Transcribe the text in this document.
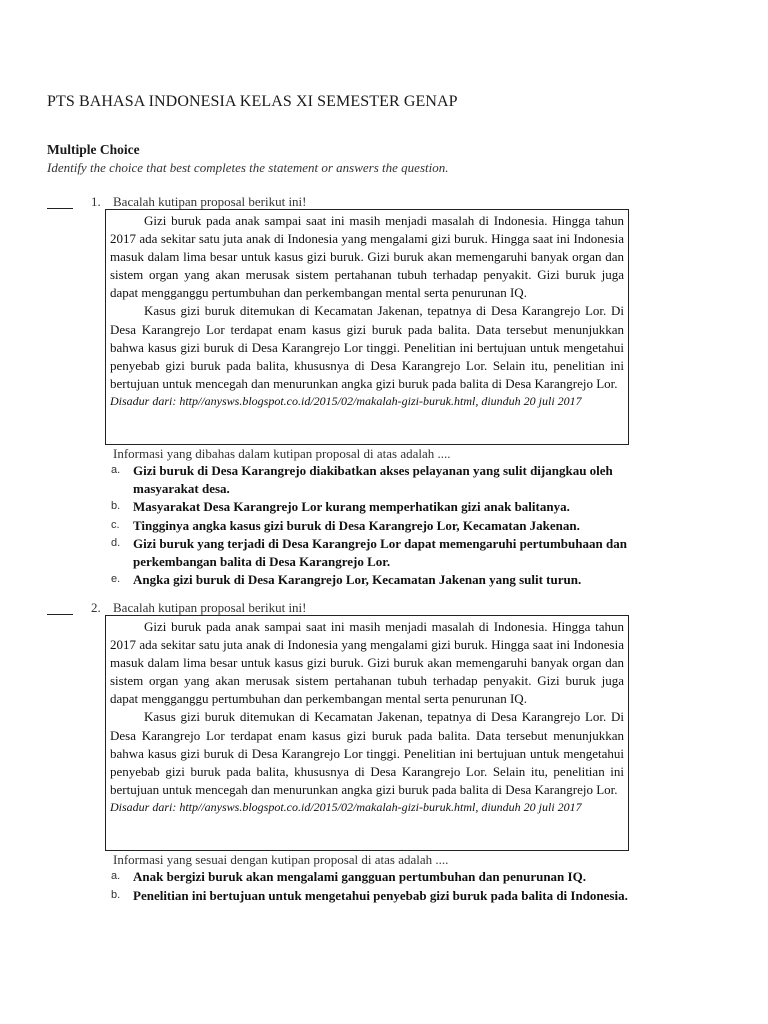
PTS BAHASA INDONESIA KELAS XI SEMESTER GENAP
Multiple Choice
Identify the choice that best completes the statement or answers the question.
1. Bacalah kutipan proposal berikut ini!

Gizi buruk pada anak sampai saat ini masih menjadi masalah di Indonesia. Hingga tahun 2017 ada sekitar satu juta anak di Indonesia yang mengalami gizi buruk. Hingga saat ini Indonesia masuk dalam lima besar untuk kasus gizi buruk. Gizi buruk akan memengaruhi banyak organ dan sistem organ yang akan merusak sistem pertahanan tubuh terhadap penyakit. Gizi buruk juga dapat mengganggu pertumbuhan dan perkembangan mental serta penurunan IQ.

Kasus gizi buruk ditemukan di Kecamatan Jakenan, tepatnya di Desa Karangrejo Lor. Di Desa Karangrejo Lor terdapat enam kasus gizi buruk pada balita. Data tersebut menunjukkan bahwa kasus gizi buruk di Desa Karangrejo Lor tinggi. Penelitian ini bertujuan untuk mengetahui penyebab gizi buruk pada balita, khususnya di Desa Karangrejo Lor. Selain itu, penelitian ini bertujuan untuk mencegah dan menurunkan angka gizi buruk pada balita di Desa Karangrejo Lor.

Disadur dari: http//anysws.blogspot.co.id/2015/02/makalah-gizi-buruk.html, diunduh 20 juli 2017

Informasi yang dibahas dalam kutipan proposal di atas adalah ....
a. Gizi buruk di Desa Karangrejo diakibatkan akses pelayanan yang sulit dijangkau oleh masyarakat desa.
b. Masyarakat Desa Karangrejo Lor kurang memperhatikan gizi anak balitanya.
c. Tingginya angka kasus gizi buruk di Desa Karangrejo Lor, Kecamatan Jakenan.
d. Gizi buruk yang terjadi di Desa Karangrejo Lor dapat memengaruhi pertumbuhaan dan perkembangan balita di Desa Karangrejo Lor.
e. Angka gizi buruk di Desa Karangrejo Lor, Kecamatan Jakenan yang sulit turun.
2. Bacalah kutipan proposal berikut ini!

Gizi buruk pada anak sampai saat ini masih menjadi masalah di Indonesia. Hingga tahun 2017 ada sekitar satu juta anak di Indonesia yang mengalami gizi buruk. Hingga saat ini Indonesia masuk dalam lima besar untuk kasus gizi buruk. Gizi buruk akan memengaruhi banyak organ dan sistem organ yang akan merusak sistem pertahanan tubuh terhadap penyakit. Gizi buruk juga dapat mengganggu pertumbuhan dan perkembangan mental serta penurunan IQ.

Kasus gizi buruk ditemukan di Kecamatan Jakenan, tepatnya di Desa Karangrejo Lor. Di Desa Karangrejo Lor terdapat enam kasus gizi buruk pada balita. Data tersebut menunjukkan bahwa kasus gizi buruk di Desa Karangrejo Lor tinggi. Penelitian ini bertujuan untuk mengetahui penyebab gizi buruk pada balita, khususnya di Desa Karangrejo Lor. Selain itu, penelitian ini bertujuan untuk mencegah dan menurunkan angka gizi buruk pada balita di Desa Karangrejo Lor.

Disadur dari: http//anysws.blogspot.co.id/2015/02/makalah-gizi-buruk.html, diunduh 20 juli 2017

Informasi yang sesuai dengan kutipan proposal di atas adalah ....
a. Anak bergizi buruk akan mengalami gangguan pertumbuhan dan penurunan IQ.
b. Penelitian ini bertujuan untuk mengetahui penyebab gizi buruk pada balita di Indonesia.
